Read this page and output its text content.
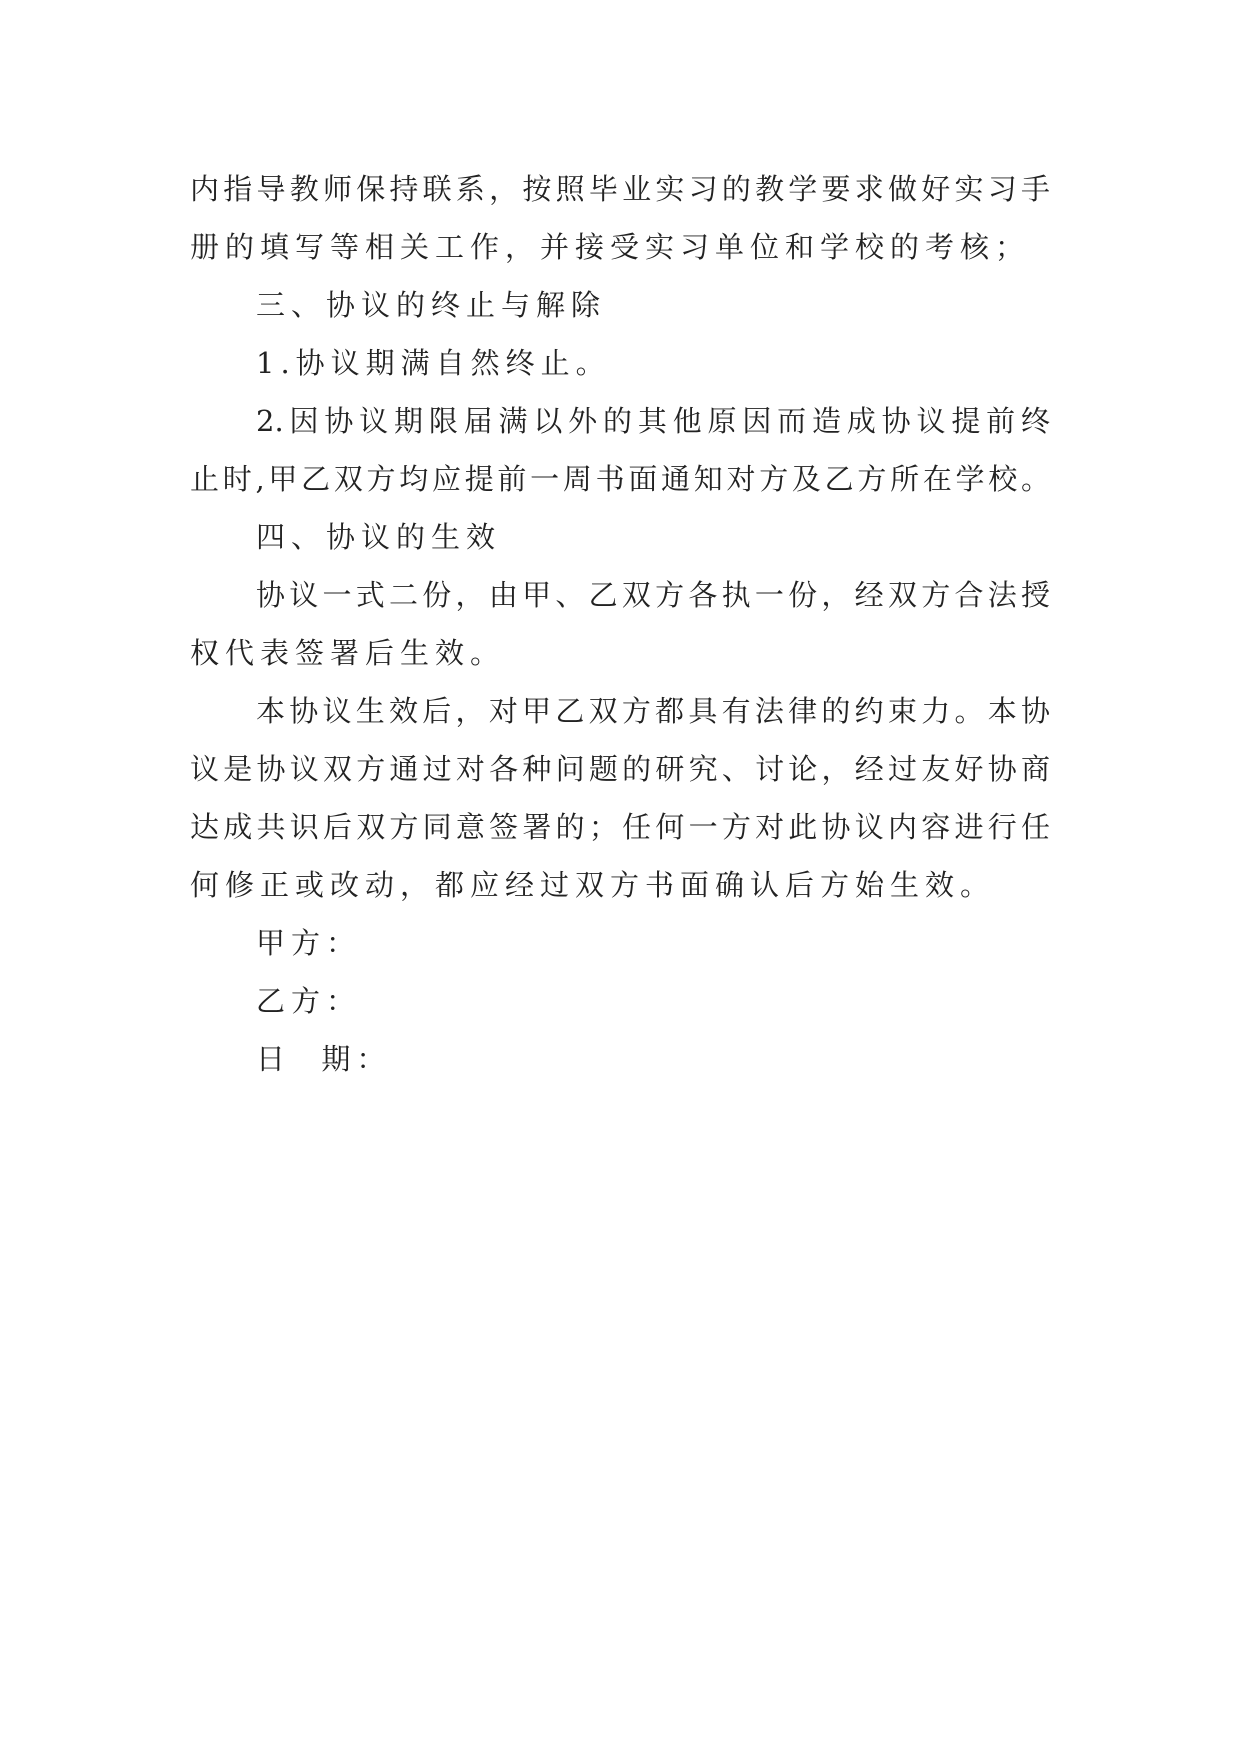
内指导教师保持联系，按照毕业实习的教学要求做好实习手
册的填写等相关工作，并接受实习单位和学校的考核；
三、协议的终止与解除
1.协议期满自然终止。
2.因协议期限届满以外的其他原因而造成协议提前终
止时,甲乙双方均应提前一周书面通知对方及乙方所在学校。
四、协议的生效
协议一式二份，由甲、乙双方各执一份，经双方合法授
权代表签署后生效。
本协议生效后，对甲乙双方都具有法律的约束力。本协
议是协议双方通过对各种问题的研究、讨论，经过友好协商
达成共识后双方同意签署的；任何一方对此协议内容进行任
何修正或改动，都应经过双方书面确认后方始生效。
甲方：
乙方：
日  期：
